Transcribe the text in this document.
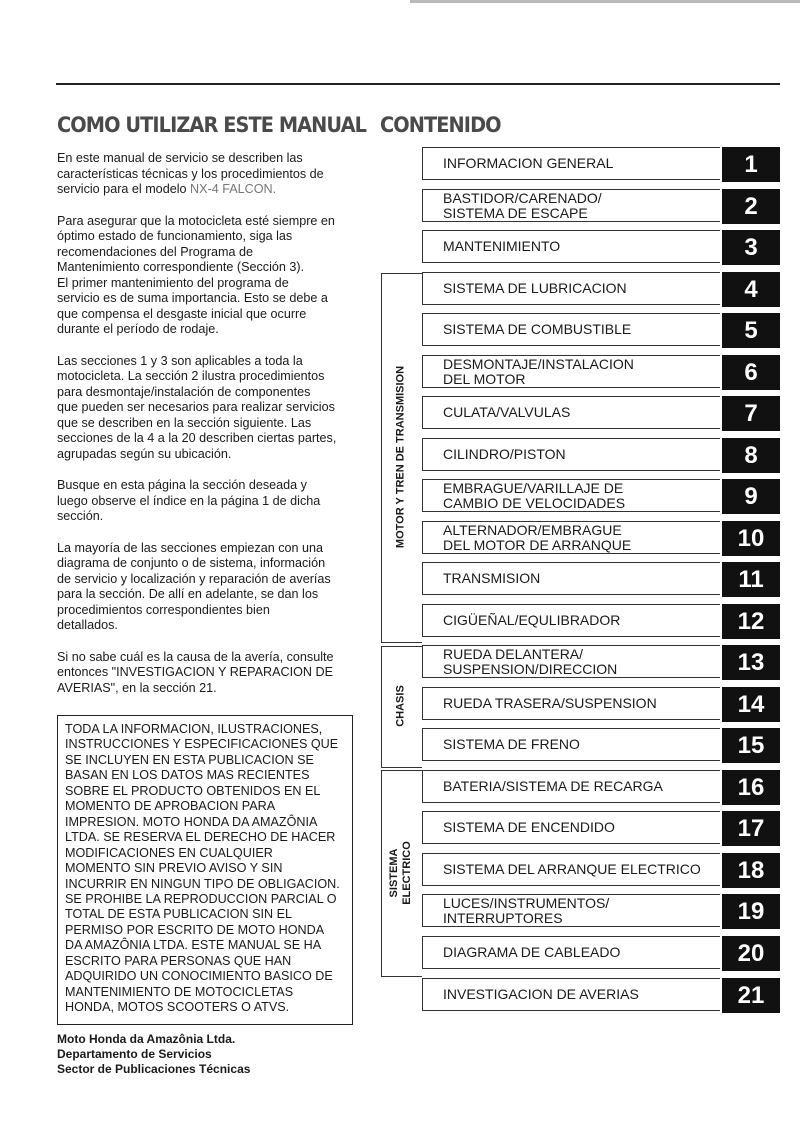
COMO UTILIZAR ESTE MANUAL

En este manual de servicio se describen las
características técnicas y los procedimientos de
servicio para el modelo NX-4 FALCON.

Para asegurar que la motocicleta esté siempre en
óptimo estado de funcionamiento, siga las
recomendaciones del Programa de
Mantenimiento correspondiente (Sección 3).
El primer mantenimiento del programa de
servicio es de suma importancia. Esto se debe a
que compensa el desgaste inicial que ocurre
durante el período de rodaje.

Las secciones 1 y 3 son aplicables a toda la
motocicleta. La sección 2 ilustra procedimientos
para desmontaje/instalación de componentes
que pueden ser necesarios para realizar servicios
que se describen en la sección siguiente. Las
secciones de la 4 a la 20 describen ciertas partes,
agrupadas según su ubicación.

Busque en esta página la sección deseada y
luego observe el índice en la página 1 de dicha
sección.

La mayoría de las secciones empiezan con una
diagrama de conjunto o de sistema, información
de servicio y localización y reparación de averías
para la sección. De allí en adelante, se dan los
procedimientos correspondientes bien
detallados.

Si no sabe cuál es la causa de la avería, consulte
entonces "INVESTIGACION Y REPARACION DE
AVERIAS", en la sección 21.

TODA LA INFORMACION, ILUSTRACIONES,
INSTRUCCIONES Y ESPECIFICACIONES QUE
SE INCLUYEN EN ESTA PUBLICACION SE
BASAN EN LOS DATOS MAS RECIENTES
SOBRE EL PRODUCTO OBTENIDOS EN EL
MOMENTO DE APROBACION PARA
IMPRESION. MOTO HONDA DA AMAZÔNIA
LTDA. SE RESERVA EL DERECHO DE HACER
MODIFICACIONES EN CUALQUIER
MOMENTO SIN PREVIO AVISO Y SIN
INCURRIR EN NINGUN TIPO DE OBLIGACION.
SE PROHIBE LA REPRODUCCION PARCIAL O
TOTAL DE ESTA PUBLICACION SIN EL
PERMISO POR ESCRITO DE MOTO HONDA
DA AMAZÔNIA LTDA. ESTE MANUAL SE HA
ESCRITO PARA PERSONAS QUE HAN
ADQUIRIDO UN CONOCIMIENTO BASICO DE
MANTENIMIENTO DE MOTOCICLETAS
HONDA, MOTOS SCOOTERS O ATVS.
Moto Honda da Amazônia Ltda.
Departamento de Servicios
Sector de Publicaciones Técnicas
CONTENIDO
MOTOR Y TREN DE TRANSMISION
CHASIS
SISTEMA
ELECTRICO
INFORMACION GENERAL	1
BASTIDOR/CARENADO/
SISTEMA DE ESCAPE	2
MANTENIMIENTO	3
SISTEMA DE LUBRICACION	4
SISTEMA DE COMBUSTIBLE	5
DESMONTAJE/INSTALACION
DEL MOTOR	6
CULATA/VALVULAS	7
CILINDRO/PISTON	8
EMBRAGUE/VARILLAJE DE
CAMBIO DE VELOCIDADES	9
ALTERNADOR/EMBRAGUE
DEL MOTOR DE ARRANQUE	10
TRANSMISION	11
CIGÜEÑAL/EQULIBRADOR	12
RUEDA DELANTERA/
SUSPENSION/DIRECCION	13
RUEDA TRASERA/SUSPENSION	14
SISTEMA DE FRENO	15
BATERIA/SISTEMA DE RECARGA	16
SISTEMA DE ENCENDIDO	17
SISTEMA DEL ARRANQUE ELECTRICO	18
LUCES/INSTRUMENTOS/
INTERRUPTORES	19
DIAGRAMA DE CABLEADO	20
INVESTIGACION DE AVERIAS	21
